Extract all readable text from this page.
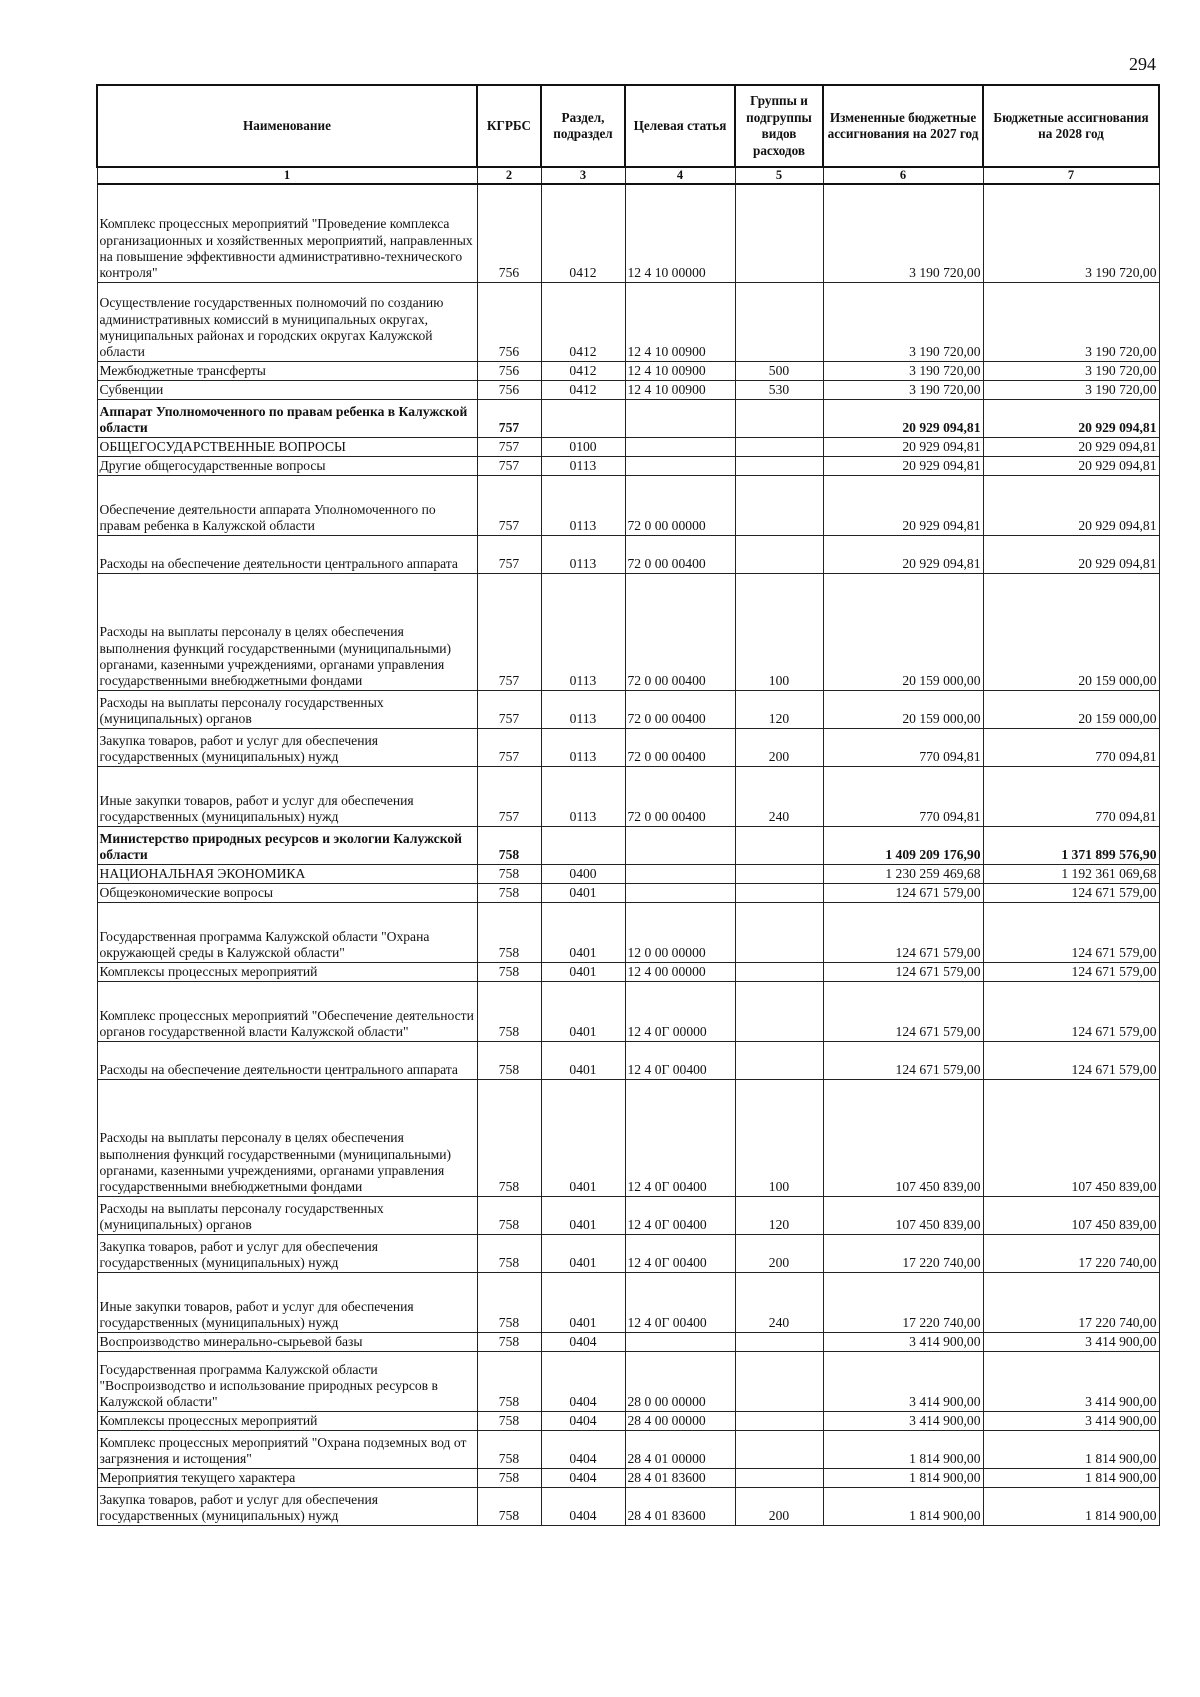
294
Наименование	КГРБС	Раздел, подраздел	Целевая статья	Группы и подгруппы видов расходов	Измененные бюджетные ассигнования на 2027 год	Бюджетные ассигнования на 2028 год
1	2	3	4	5	6	7
Комплекс процессных мероприятий "Проведение комплекса организационных и хозяйственных мероприятий, направленных на повышение эффективности административно-технического контроля"	756	0412	12 4 10 00000		3 190 720,00	3 190 720,00
Осуществление государственных полномочий по созданию административных комиссий в муниципальных округах, муниципальных районах и городских округах Калужской области	756	0412	12 4 10 00900		3 190 720,00	3 190 720,00
Межбюджетные трансферты	756	0412	12 4 10 00900	500	3 190 720,00	3 190 720,00
Субвенции	756	0412	12 4 10 00900	530	3 190 720,00	3 190 720,00
Аппарат Уполномоченного по правам ребенка в Калужской области	757				20 929 094,81	20 929 094,81
ОБЩЕГОСУДАРСТВЕННЫЕ ВОПРОСЫ	757	0100			20 929 094,81	20 929 094,81
Другие общегосударственные вопросы	757	0113			20 929 094,81	20 929 094,81
Обеспечение деятельности аппарата Уполномоченного по правам ребенка в Калужской области	757	0113	72 0 00 00000		20 929 094,81	20 929 094,81
Расходы на обеспечение деятельности центрального аппарата	757	0113	72 0 00 00400		20 929 094,81	20 929 094,81
Расходы на выплаты персоналу в целях обеспечения выполнения функций государственными (муниципальными) органами, казенными учреждениями, органами управления государственными внебюджетными фондами	757	0113	72 0 00 00400	100	20 159 000,00	20 159 000,00
Расходы на выплаты персоналу государственных (муниципальных) органов	757	0113	72 0 00 00400	120	20 159 000,00	20 159 000,00
Закупка товаров, работ и услуг для обеспечения государственных (муниципальных) нужд	757	0113	72 0 00 00400	200	770 094,81	770 094,81
Иные закупки товаров, работ и услуг для обеспечения государственных (муниципальных) нужд	757	0113	72 0 00 00400	240	770 094,81	770 094,81
Министерство природных ресурсов и экологии Калужской области	758				1 409 209 176,90	1 371 899 576,90
НАЦИОНАЛЬНАЯ ЭКОНОМИКА	758	0400			1 230 259 469,68	1 192 361 069,68
Общеэкономические вопросы	758	0401			124 671 579,00	124 671 579,00
Государственная программа Калужской области "Охрана окружающей среды в Калужской области"	758	0401	12 0 00 00000		124 671 579,00	124 671 579,00
Комплексы процессных мероприятий	758	0401	12 4 00 00000		124 671 579,00	124 671 579,00
Комплекс процессных мероприятий "Обеспечение деятельности органов государственной власти Калужской области"	758	0401	12 4 0Г 00000		124 671 579,00	124 671 579,00
Расходы на обеспечение деятельности центрального аппарата	758	0401	12 4 0Г 00400		124 671 579,00	124 671 579,00
Расходы на выплаты персоналу в целях обеспечения выполнения функций государственными (муниципальными) органами, казенными учреждениями, органами управления государственными внебюджетными фондами	758	0401	12 4 0Г 00400	100	107 450 839,00	107 450 839,00
Расходы на выплаты персоналу государственных (муниципальных) органов	758	0401	12 4 0Г 00400	120	107 450 839,00	107 450 839,00
Закупка товаров, работ и услуг для обеспечения государственных (муниципальных) нужд	758	0401	12 4 0Г 00400	200	17 220 740,00	17 220 740,00
Иные закупки товаров, работ и услуг для обеспечения государственных (муниципальных) нужд	758	0401	12 4 0Г 00400	240	17 220 740,00	17 220 740,00
Воспроизводство минерально-сырьевой базы	758	0404			3 414 900,00	3 414 900,00
Государственная программа Калужской области "Воспроизводство и использование природных ресурсов в Калужской области"	758	0404	28 0 00 00000		3 414 900,00	3 414 900,00
Комплексы процессных мероприятий	758	0404	28 4 00 00000		3 414 900,00	3 414 900,00
Комплекс процессных мероприятий "Охрана подземных вод от загрязнения и истощения"	758	0404	28 4 01 00000		1 814 900,00	1 814 900,00
Мероприятия текущего характера	758	0404	28 4 01 83600		1 814 900,00	1 814 900,00
Закупка товаров, работ и услуг для обеспечения государственных (муниципальных) нужд	758	0404	28 4 01 83600	200	1 814 900,00	1 814 900,00
